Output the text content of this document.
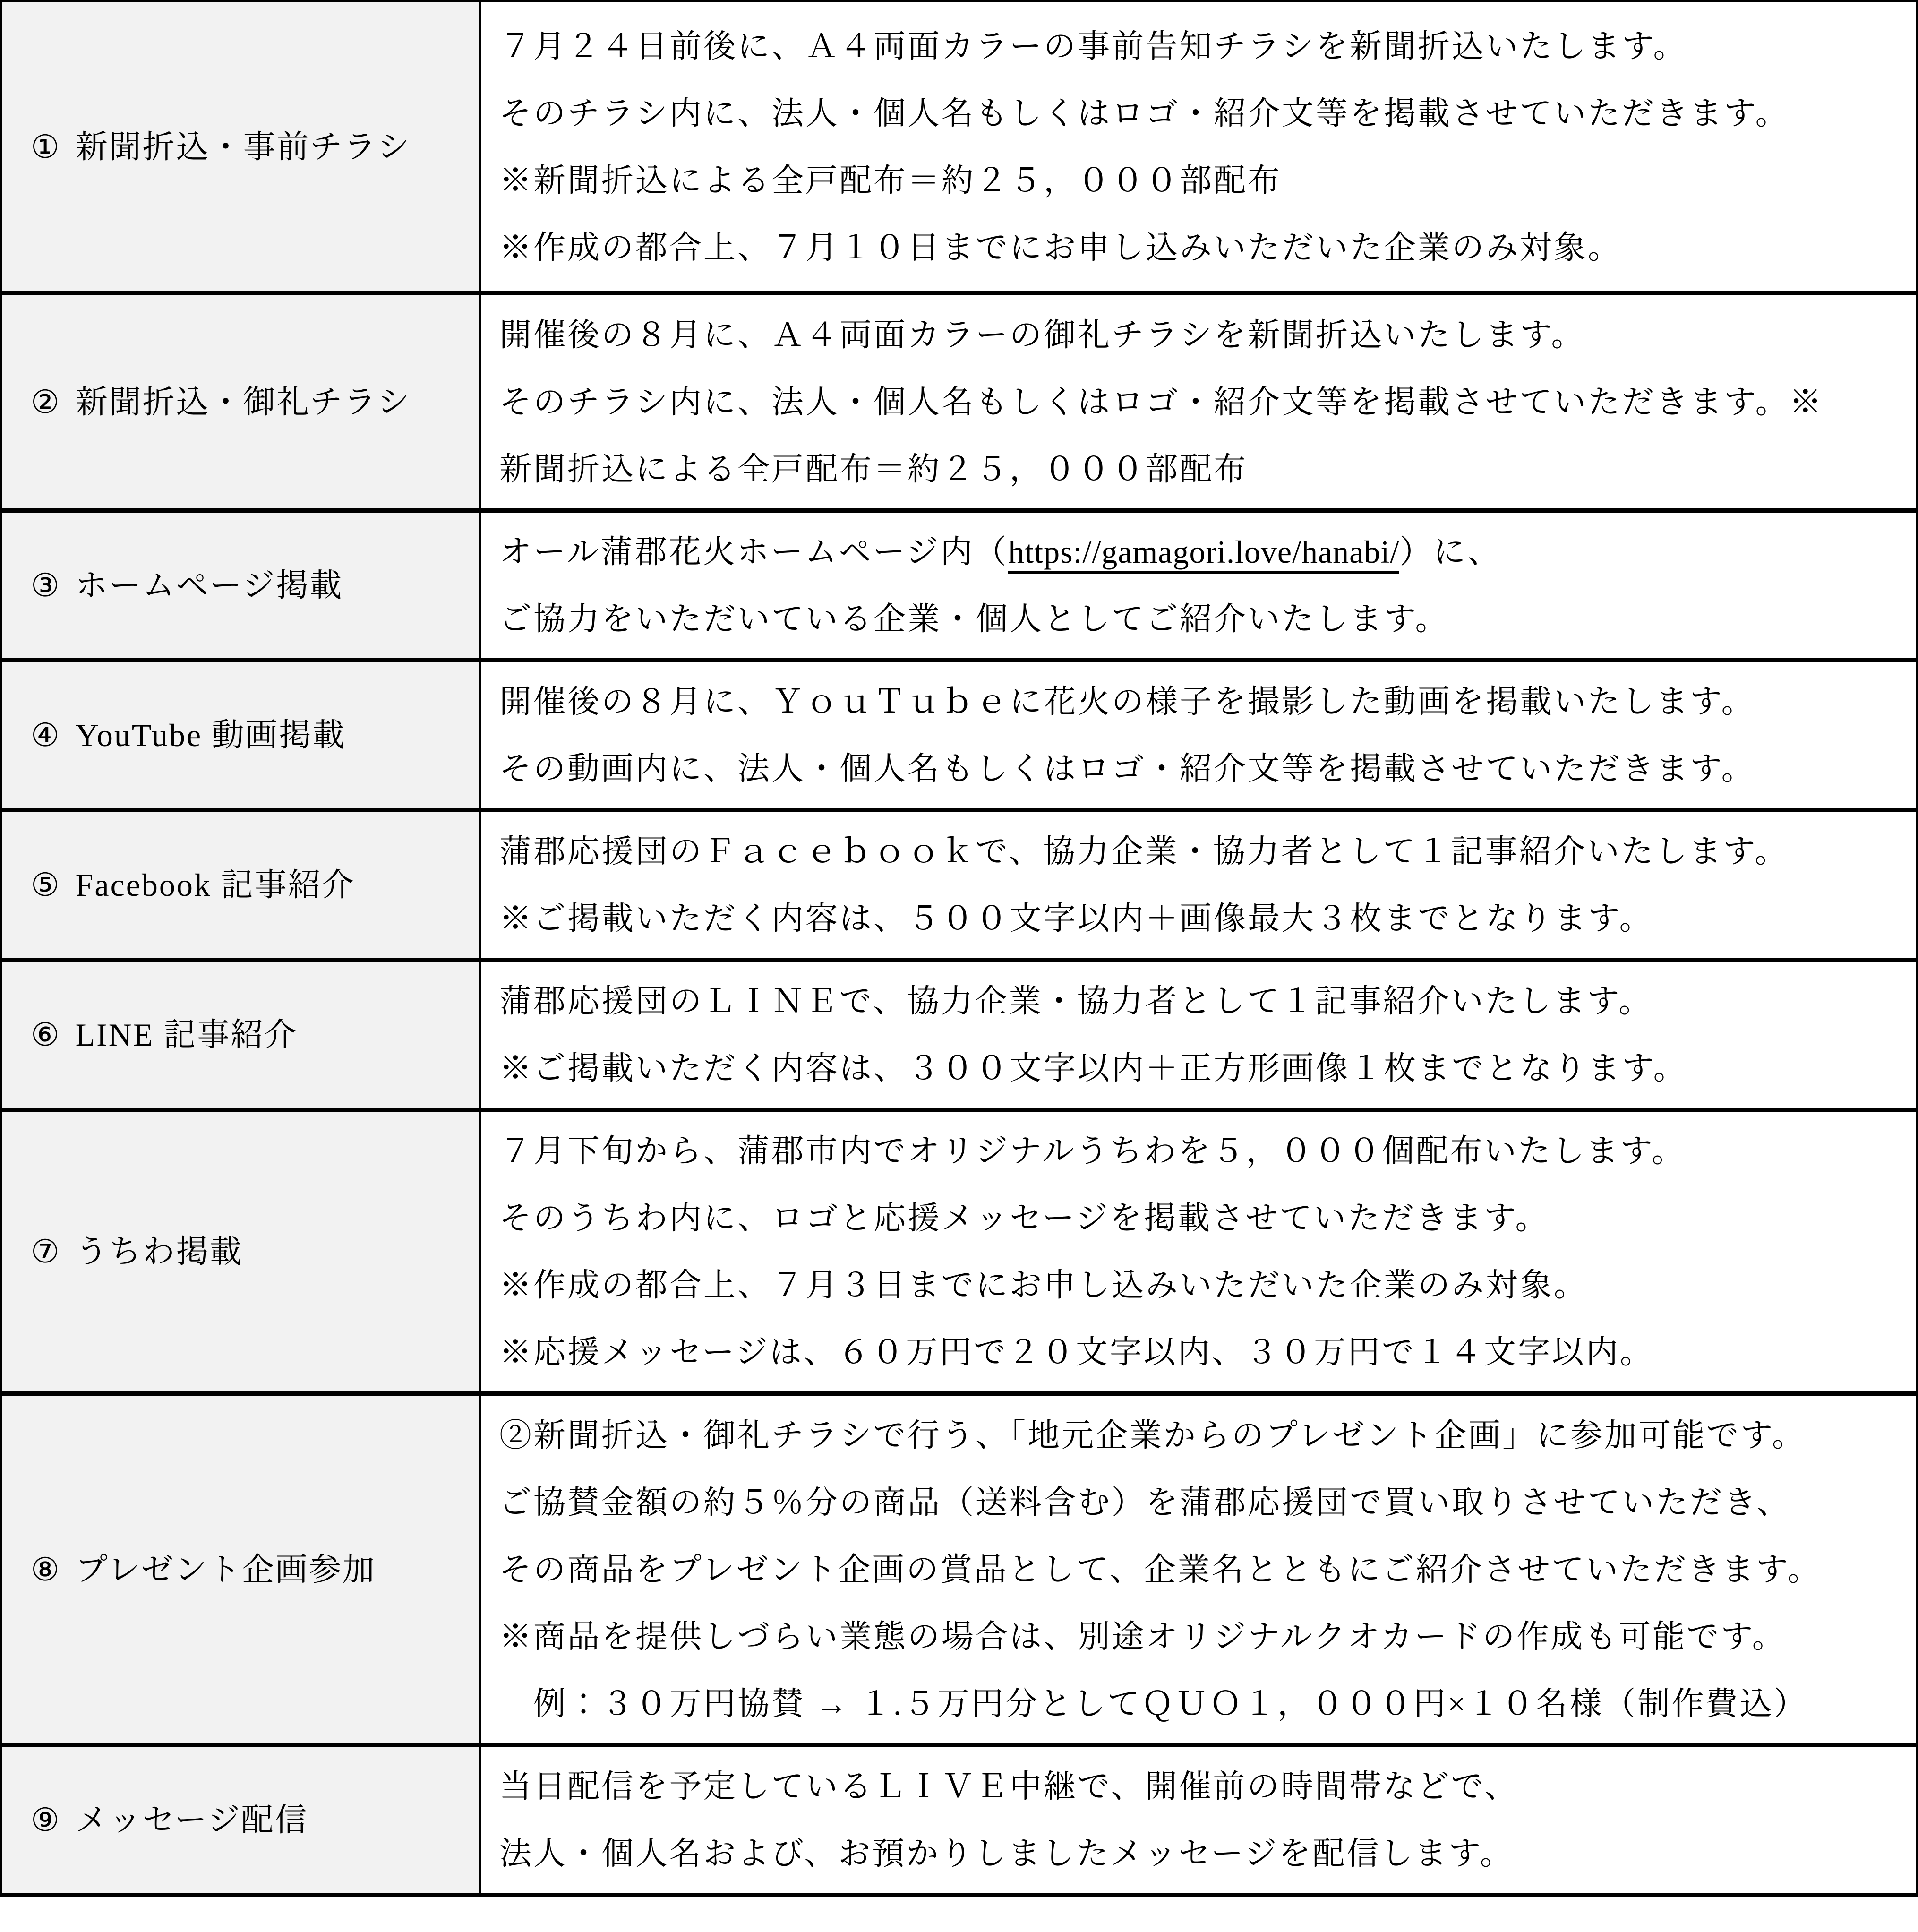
① 新聞折込・事前チラシ	７月２４日前後に、Ａ４両面カラーの事前告知チラシを新聞折込いたします。
そのチラシ内に、法人・個人名もしくはロゴ・紹介文等を掲載させていただきます。
※新聞折込による全戸配布＝約２５，０００部配布
※作成の都合上、７月１０日までにお申し込みいただいた企業のみ対象。

② 新聞折込・御礼チラシ	開催後の８月に、Ａ４両面カラーの御礼チラシを新聞折込いたします。
そのチラシ内に、法人・個人名もしくはロゴ・紹介文等を掲載させていただきます。※
新聞折込による全戸配布＝約２５，０００部配布

③ ホームページ掲載	オール蒲郡花火ホームページ内（https://gamagori.love/hanabi/）に、
ご協力をいただいている企業・個人としてご紹介いたします。

④ YouTube 動画掲載	開催後の８月に、ＹｏｕＴｕｂｅに花火の様子を撮影した動画を掲載いたします。
その動画内に、法人・個人名もしくはロゴ・紹介文等を掲載させていただきます。

⑤ Facebook 記事紹介	蒲郡応援団のＦａｃｅｂｏｏｋで、協力企業・協力者として１記事紹介いたします。
※ご掲載いただく内容は、５００文字以内＋画像最大３枚までとなります。

⑥ LINE 記事紹介	蒲郡応援団のＬＩＮＥで、協力企業・協力者として１記事紹介いたします。
※ご掲載いただく内容は、３００文字以内＋正方形画像１枚までとなります。

⑦ うちわ掲載	７月下旬から、蒲郡市内でオリジナルうちわを５，０００個配布いたします。
そのうちわ内に、ロゴと応援メッセージを掲載させていただきます。
※作成の都合上、７月３日までにお申し込みいただいた企業のみ対象。
※応援メッセージは、６０万円で２０文字以内、３０万円で１４文字以内。

⑧ プレゼント企画参加	②新聞折込・御礼チラシで行う、「地元企業からのプレゼント企画」に参加可能です。
ご協賛金額の約５％分の商品（送料含む）を蒲郡応援団で買い取りさせていただき、
その商品をプレゼント企画の賞品として、企業名とともにご紹介させていただきます。
※商品を提供しづらい業態の場合は、別途オリジナルクオカードの作成も可能です。
　例：３０万円協賛 → １.５万円分としてＱＵＯ１，０００円×１０名様（制作費込）

⑨ メッセージ配信	当日配信を予定しているＬＩＶＥ中継で、開催前の時間帯などで、
法人・個人名および、お預かりしましたメッセージを配信します。
